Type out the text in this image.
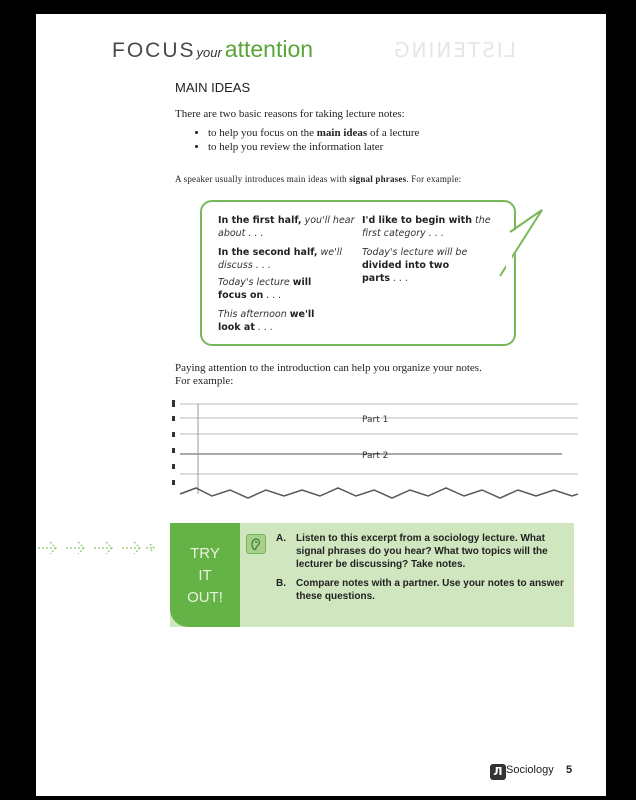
LISTENING
FOCUSyour attention
MAIN IDEAS
There are two basic reasons for taking lecture notes:
• to help you focus on the main ideas of a lecture
• to help you review the information later
A speaker usually introduces main ideas with signal phrases. For example:
In the first half, you'll hear about . . .
In the second half, we'll discuss . . .
Today's lecture will focus on . . .
This afternoon we'll look at . . .
I'd like to begin with the first category . . .
Today's lecture will be divided into two parts . . .
Paying attention to the introduction can help you organize your notes.
For example:
Part 1
Part 2
TRY
IT
OUT!
A. Listen to this excerpt from a sociology lecture. What signal phrases do you hear? What two topics will the lecturer be discussing? Take notes.
B. Compare notes with a partner. Use your notes to answer these questions.
Л Sociology 5
